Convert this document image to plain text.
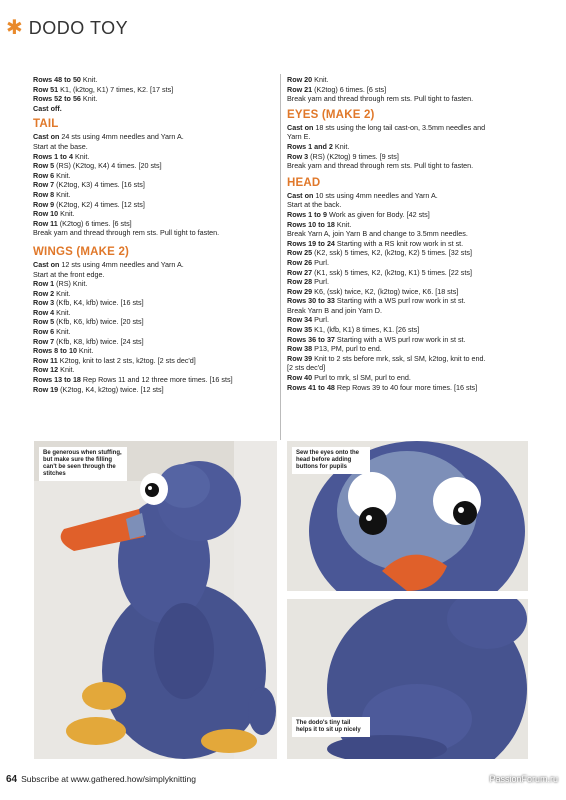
✱ DODO TOY

Rows 48 to 50 Knit.

Row 51 K1, (k2tog, K1) 7 times, K2. [17 sts]

Rows 52 to 56 Knit.

Cast off.

TAIL

Cast on 24 sts using 4mm needles and Yarn A.

Start at the base.

Rows 1 to 4 Knit.

Row 5 (RS) (K2tog, K4) 4 times. [20 sts]

Row 6 Knit.

Row 7 (K2tog, K3) 4 times. [16 sts]

Row 8 Knit.

Row 9 (K2tog, K2) 4 times. [12 sts]

Row 10 Knit.

Row 11 (K2tog) 6 times. [6 sts]

Break yarn and thread through rem sts. Pull tight to fasten.

WINGS (MAKE 2)

Cast on 12 sts using 4mm needles and Yarn A.

Start at the front edge.

Row 1 (RS) Knit.

Row 2 Knit.

Row 3 (Kfb, K4, kfb) twice. [16 sts]

Row 4 Knit.

Row 5 (Kfb, K6, kfb) twice. [20 sts]

Row 6 Knit.

Row 7 (Kfb, K8, kfb) twice. [24 sts]

Rows 8 to 10 Knit.

Row 11 K2tog, knit to last 2 sts, k2tog. [2 sts dec'd]

Row 12 Knit.

Rows 13 to 18 Rep Rows 11 and 12 three more times. [16 sts]

Row 19 (K2tog, K4, k2tog) twice. [12 sts]

Row 20 Knit.

Row 21 (K2tog) 6 times. [6 sts]

Break yarn and thread through rem sts. Pull tight to fasten.

EYES (MAKE 2)

Cast on 18 sts using the long tail cast-on, 3.5mm needles and

Yarn E.

Rows 1 and 2 Knit.

Row 3 (RS) (K2tog) 9 times. [9 sts]

Break yarn and thread through rem sts. Pull tight to fasten.

HEAD

Cast on 10 sts using 4mm needles and Yarn A.

Start at the back.

Rows 1 to 9 Work as given for Body. [42 sts]

Rows 10 to 18 Knit.

Break Yarn A, join Yarn B and change to 3.5mm needles.

Rows 19 to 24 Starting with a RS knit row work in st st.

Row 25 (K2, ssk) 5 times, K2, (k2tog, K2) 5 times. [32 sts]

Row 26 Purl.

Row 27 (K1, ssk) 5 times, K2, (k2tog, K1) 5 times. [22 sts]

Row 28 Purl.

Row 29 K6, (ssk) twice, K2, (k2tog) twice, K6. [18 sts]

Rows 30 to 33 Starting with a WS purl row work in st st.

Break Yarn B and join Yarn D.

Row 34 Purl.

Row 35 K1, (kfb, K1) 8 times, K1. [26 sts]

Rows 36 to 37 Starting with a WS purl row work in st st.

Row 38 P13, PM, purl to end.

Row 39 Knit to 2 sts before mrk, ssk, sl SM, k2tog, knit to end.

[2 sts dec'd]

Row 40 Purl to mrk, sl SM, purl to end.

Rows 41 to 48 Rep Rows 39 to 40 four more times. [16 sts]

Be generous when stuffing, but make sure the filling can't be seen through the stitches
Sew the eyes onto the head before adding buttons for pupils
The dodo's tiny tail helps it to sit up nicely
64 Subscribe at www.gathered.how/simplyknitting	PassionForum.ru
